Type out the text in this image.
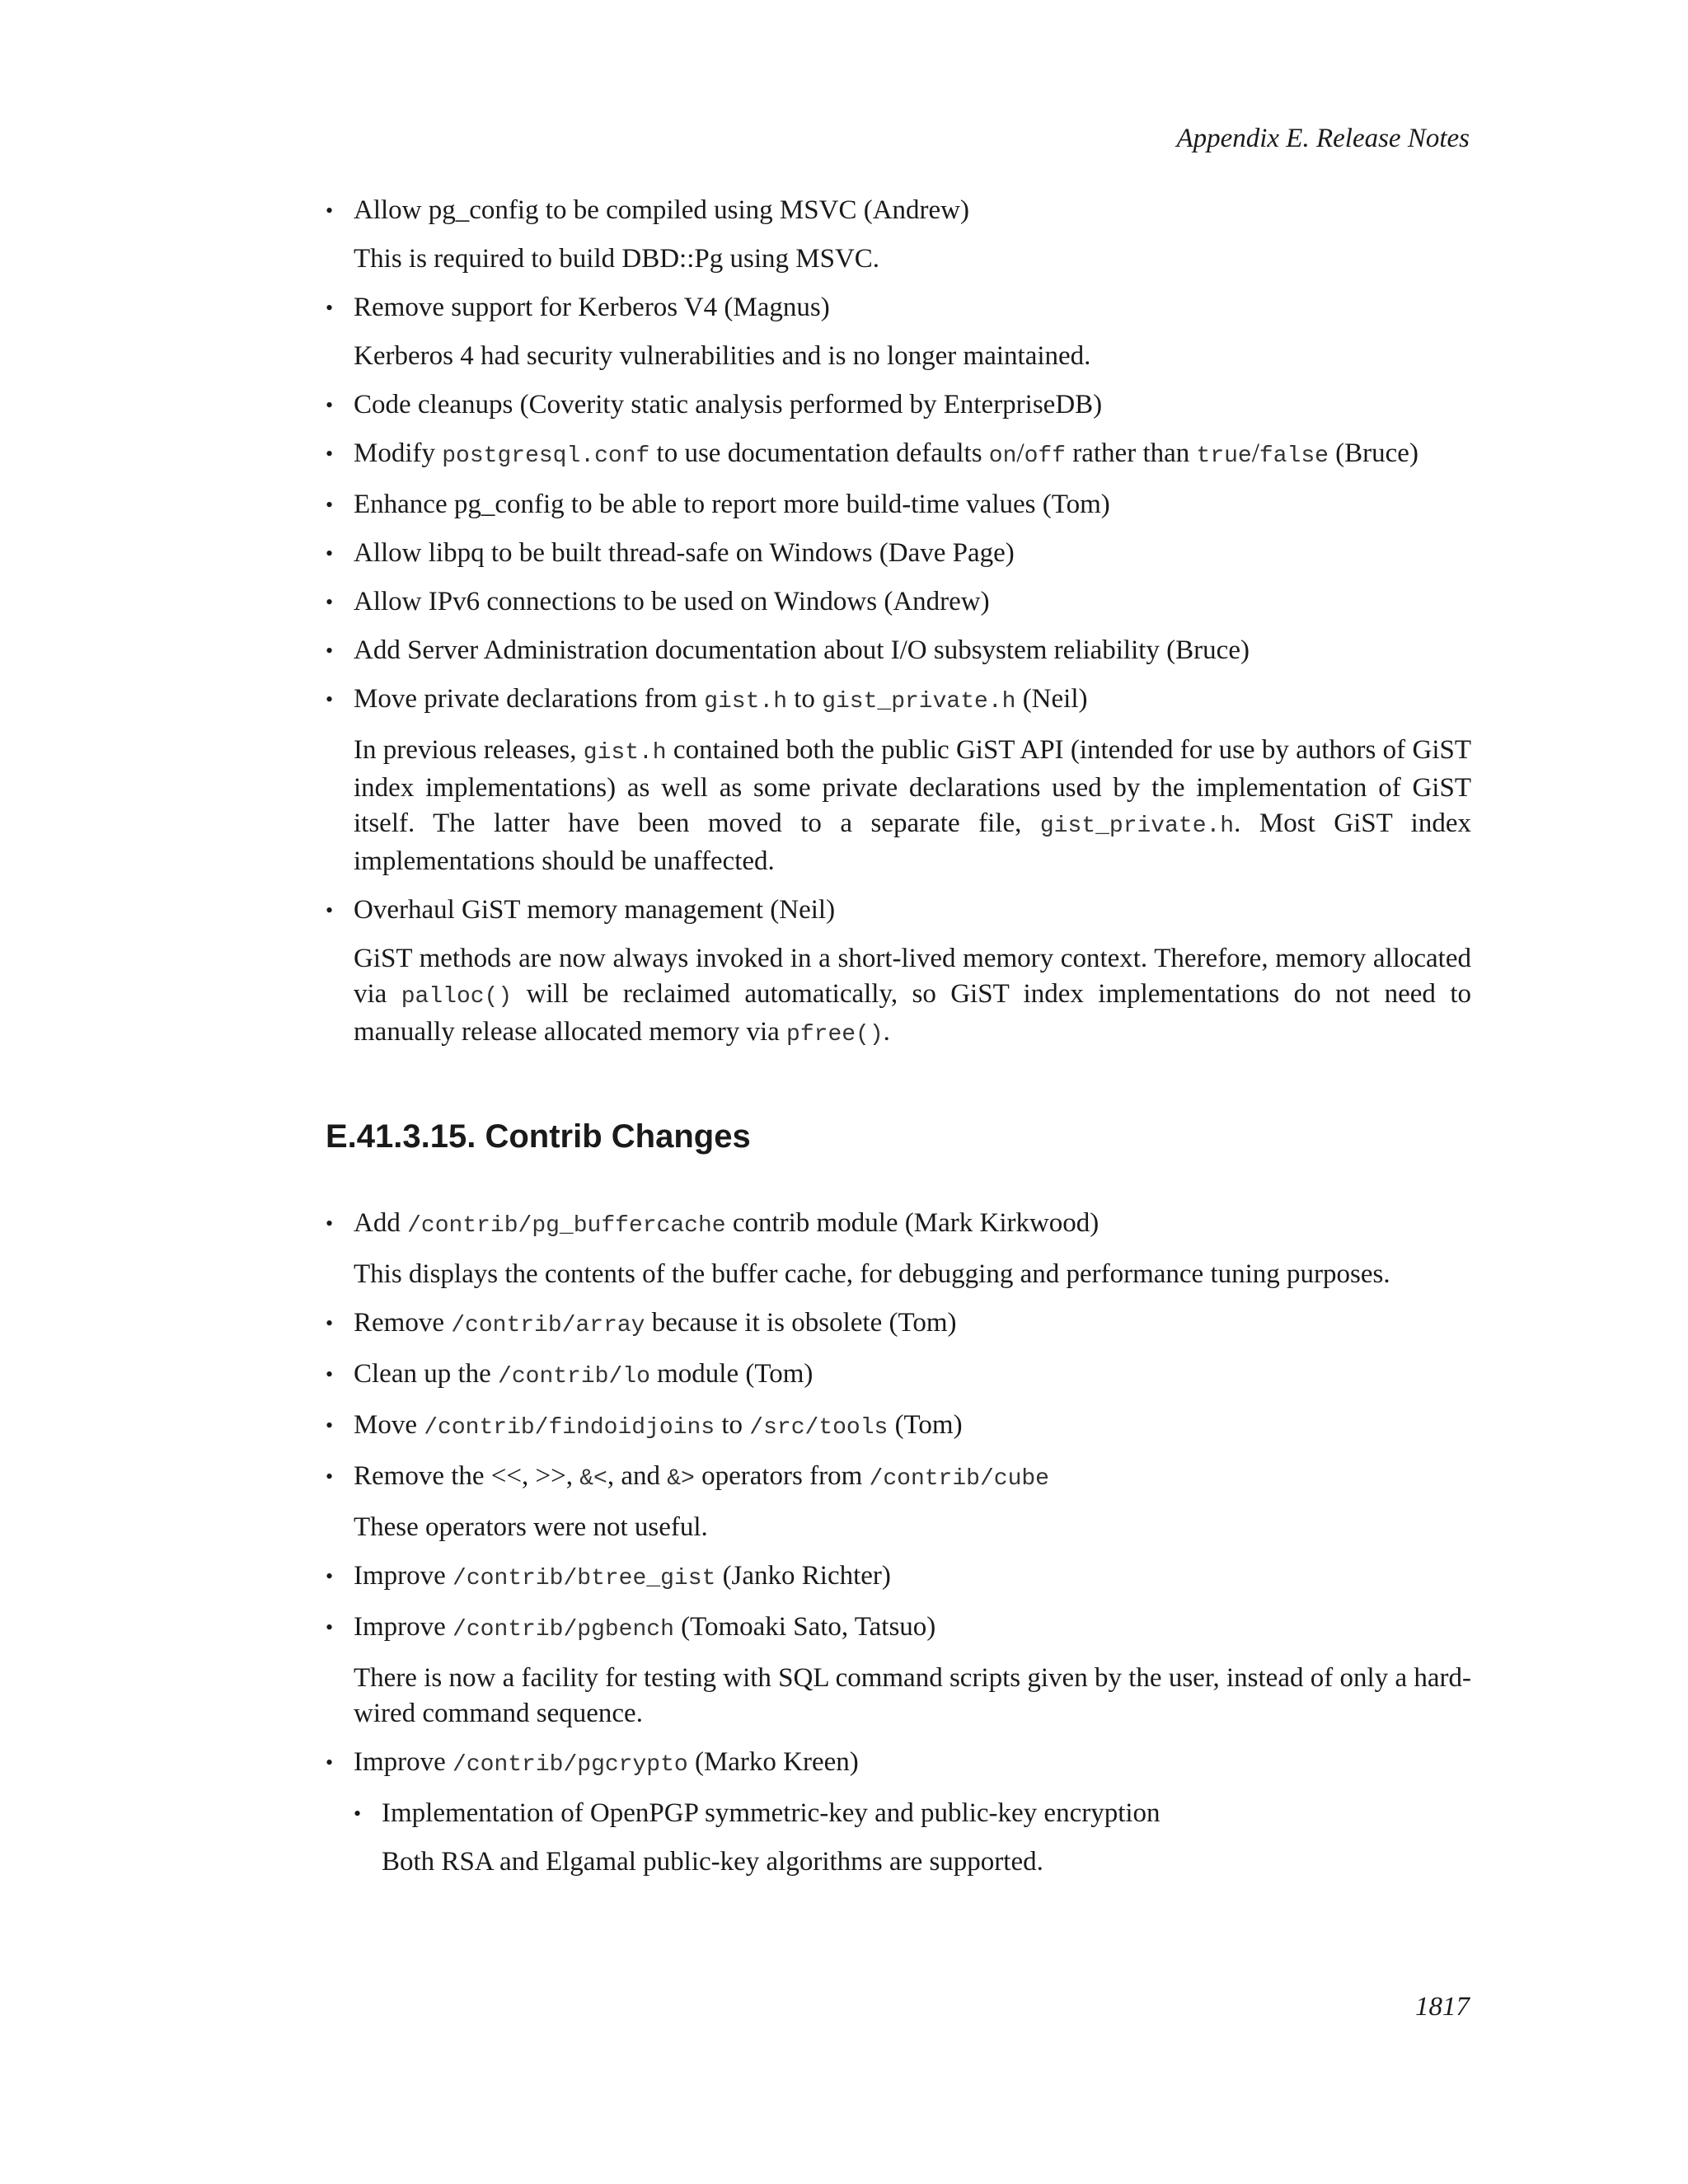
Appendix E. Release Notes
• Allow pg_config to be compiled using MSVC (Andrew)

This is required to build DBD::Pg using MSVC.

• Remove support for Kerberos V4 (Magnus)

Kerberos 4 had security vulnerabilities and is no longer maintained.

• Code cleanups (Coverity static analysis performed by EnterpriseDB)

• Modify postgresql.conf to use documentation defaults on/off rather than true/false (Bruce)

• Enhance pg_config to be able to report more build-time values (Tom)

• Allow libpq to be built thread-safe on Windows (Dave Page)

• Allow IPv6 connections to be used on Windows (Andrew)

• Add Server Administration documentation about I/O subsystem reliability (Bruce)

• Move private declarations from gist.h to gist_private.h (Neil)

In previous releases, gist.h contained both the public GiST API (intended for use by authors of GiST index implementations) as well as some private declarations used by the implementation of GiST itself. The latter have been moved to a separate file, gist_private.h. Most GiST index implementations should be unaffected.

• Overhaul GiST memory management (Neil)

GiST methods are now always invoked in a short-lived memory context. Therefore, memory allocated via palloc() will be reclaimed automatically, so GiST index implementations do not need to manually release allocated memory via pfree().

E.41.3.15. Contrib Changes
• Add /contrib/pg_buffercache contrib module (Mark Kirkwood)

This displays the contents of the buffer cache, for debugging and performance tuning purposes.

• Remove /contrib/array because it is obsolete (Tom)

• Clean up the /contrib/lo module (Tom)

• Move /contrib/findoidjoins to /src/tools (Tom)

• Remove the <<, >>, &<, and &> operators from /contrib/cube

These operators were not useful.

• Improve /contrib/btree_gist (Janko Richter)

• Improve /contrib/pgbench (Tomoaki Sato, Tatsuo)

There is now a facility for testing with SQL command scripts given by the user, instead of only a hard-wired command sequence.

• Improve /contrib/pgcrypto (Marko Kreen)

• Implementation of OpenPGP symmetric-key and public-key encryption

Both RSA and Elgamal public-key algorithms are supported.

1817
